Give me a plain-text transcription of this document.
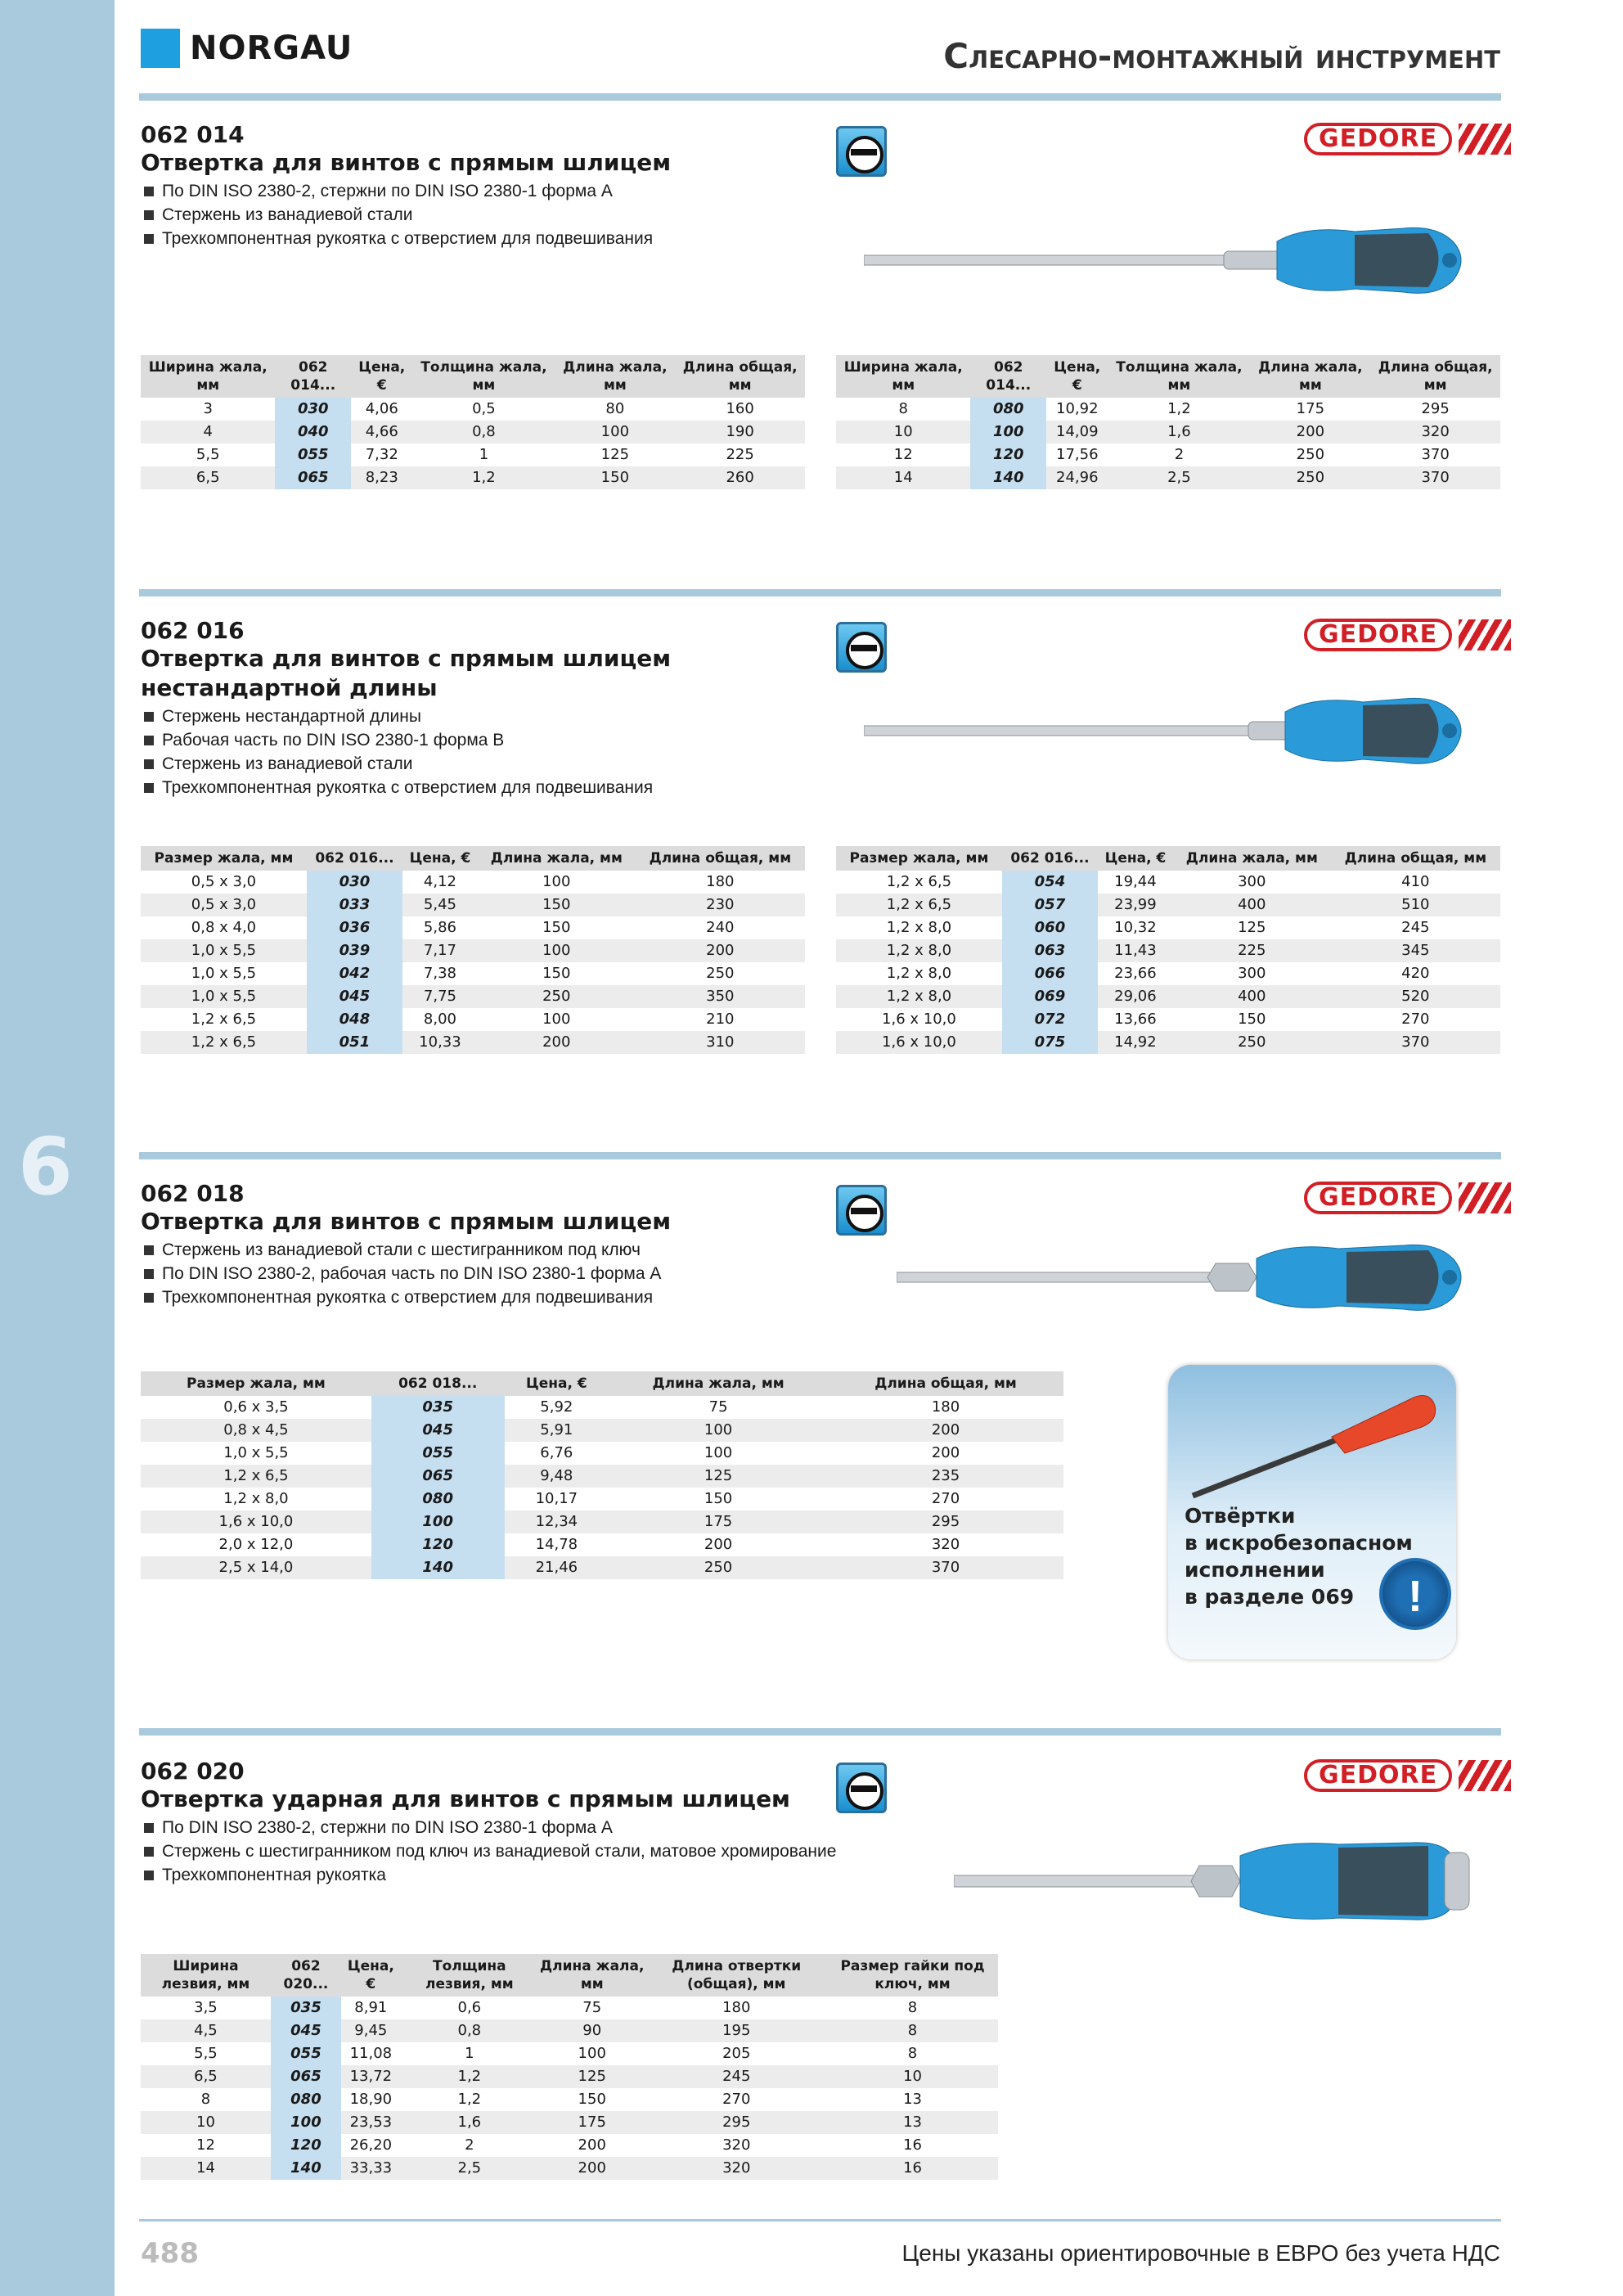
6
NORGAU	Слесарно-монтажный инструмент
062 014
Отвертка для винтов с прямым шлицем
По DIN ISO 2380-2, стержни по DIN ISO 2380-1 форма A
Стержень из ванадиевой стали
Трехкомпонентная рукоятка с отверстием для подвешивания
GEDORE
Ширина жала, мм	062 014...	Цена, €	Толщина жала, мм	Длина жала, мм	Длина общая, мм
3	030	4,06	0,5	80	160
4	040	4,66	0,8	100	190
5,5	055	7,32	1	125	225
6,5	065	8,23	1,2	150	260
Ширина жала, мм	062 014...	Цена, €	Толщина жала, мм	Длина жала, мм	Длина общая, мм
8	080	10,92	1,2	175	295
10	100	14,09	1,6	200	320
12	120	17,56	2	250	370
14	140	24,96	2,5	250	370
062 016
Отвертка для винтов с прямым шлицем
нестандартной длины
Стержень нестандартной длины
Рабочая часть по DIN ISO 2380-1 форма B
Стержень из ванадиевой стали
Трехкомпонентная рукоятка с отверстием для подвешивания
GEDORE
Размер жала, мм	062 016...	Цена, €	Длина жала, мм	Длина общая, мм
0,5 x 3,0	030	4,12	100	180
0,5 x 3,0	033	5,45	150	230
0,8 x 4,0	036	5,86	150	240
1,0 x 5,5	039	7,17	100	200
1,0 x 5,5	042	7,38	150	250
1,0 x 5,5	045	7,75	250	350
1,2 x 6,5	048	8,00	100	210
1,2 x 6,5	051	10,33	200	310
Размер жала, мм	062 016...	Цена, €	Длина жала, мм	Длина общая, мм
1,2 x 6,5	054	19,44	300	410
1,2 x 6,5	057	23,99	400	510
1,2 x 8,0	060	10,32	125	245
1,2 x 8,0	063	11,43	225	345
1,2 x 8,0	066	23,66	300	420
1,2 x 8,0	069	29,06	400	520
1,6 x 10,0	072	13,66	150	270
1,6 x 10,0	075	14,92	250	370
062 018
Отвертка для винтов с прямым шлицем
Стержень из ванадиевой стали с шестигранником под ключ
По DIN ISO 2380-2, рабочая часть по DIN ISO 2380-1 форма A
Трехкомпонентная рукоятка с отверстием для подвешивания
GEDORE
Размер жала, мм	062 018...	Цена, €	Длина жала, мм	Длина общая, мм
0,6 x 3,5	035	5,92	75	180
0,8 x 4,5	045	5,91	100	200
1,0 x 5,5	055	6,76	100	200
1,2 x 6,5	065	9,48	125	235
1,2 x 8,0	080	10,17	150	270
1,6 x 10,0	100	12,34	175	295
2,0 x 12,0	120	14,78	200	320
2,5 x 14,0	140	21,46	250	370
Отвёртки
в искробезопасном
исполнении
в разделе 069	!
062 020
Отвертка ударная для винтов с прямым шлицем
По DIN ISO 2380-2, стержни по DIN ISO 2380-1 форма A
Стержень с шестигранником под ключ из ванадиевой стали, матовое хромирование
Трехкомпонентная рукоятка
GEDORE
Ширина лезвия, мм	062 020...	Цена, €	Толщина лезвия, мм	Длина жала, мм	Длина отвертки (общая), мм	Размер гайки под ключ, мм
3,5	035	8,91	0,6	75	180	8
4,5	045	9,45	0,8	90	195	8
5,5	055	11,08	1	100	205	8
6,5	065	13,72	1,2	125	245	10
8	080	18,90	1,2	150	270	13
10	100	23,53	1,6	175	295	13
12	120	26,20	2	200	320	16
14	140	33,33	2,5	200	320	16
488	Цены указаны ориентировочные в ЕВРО без учета НДС
